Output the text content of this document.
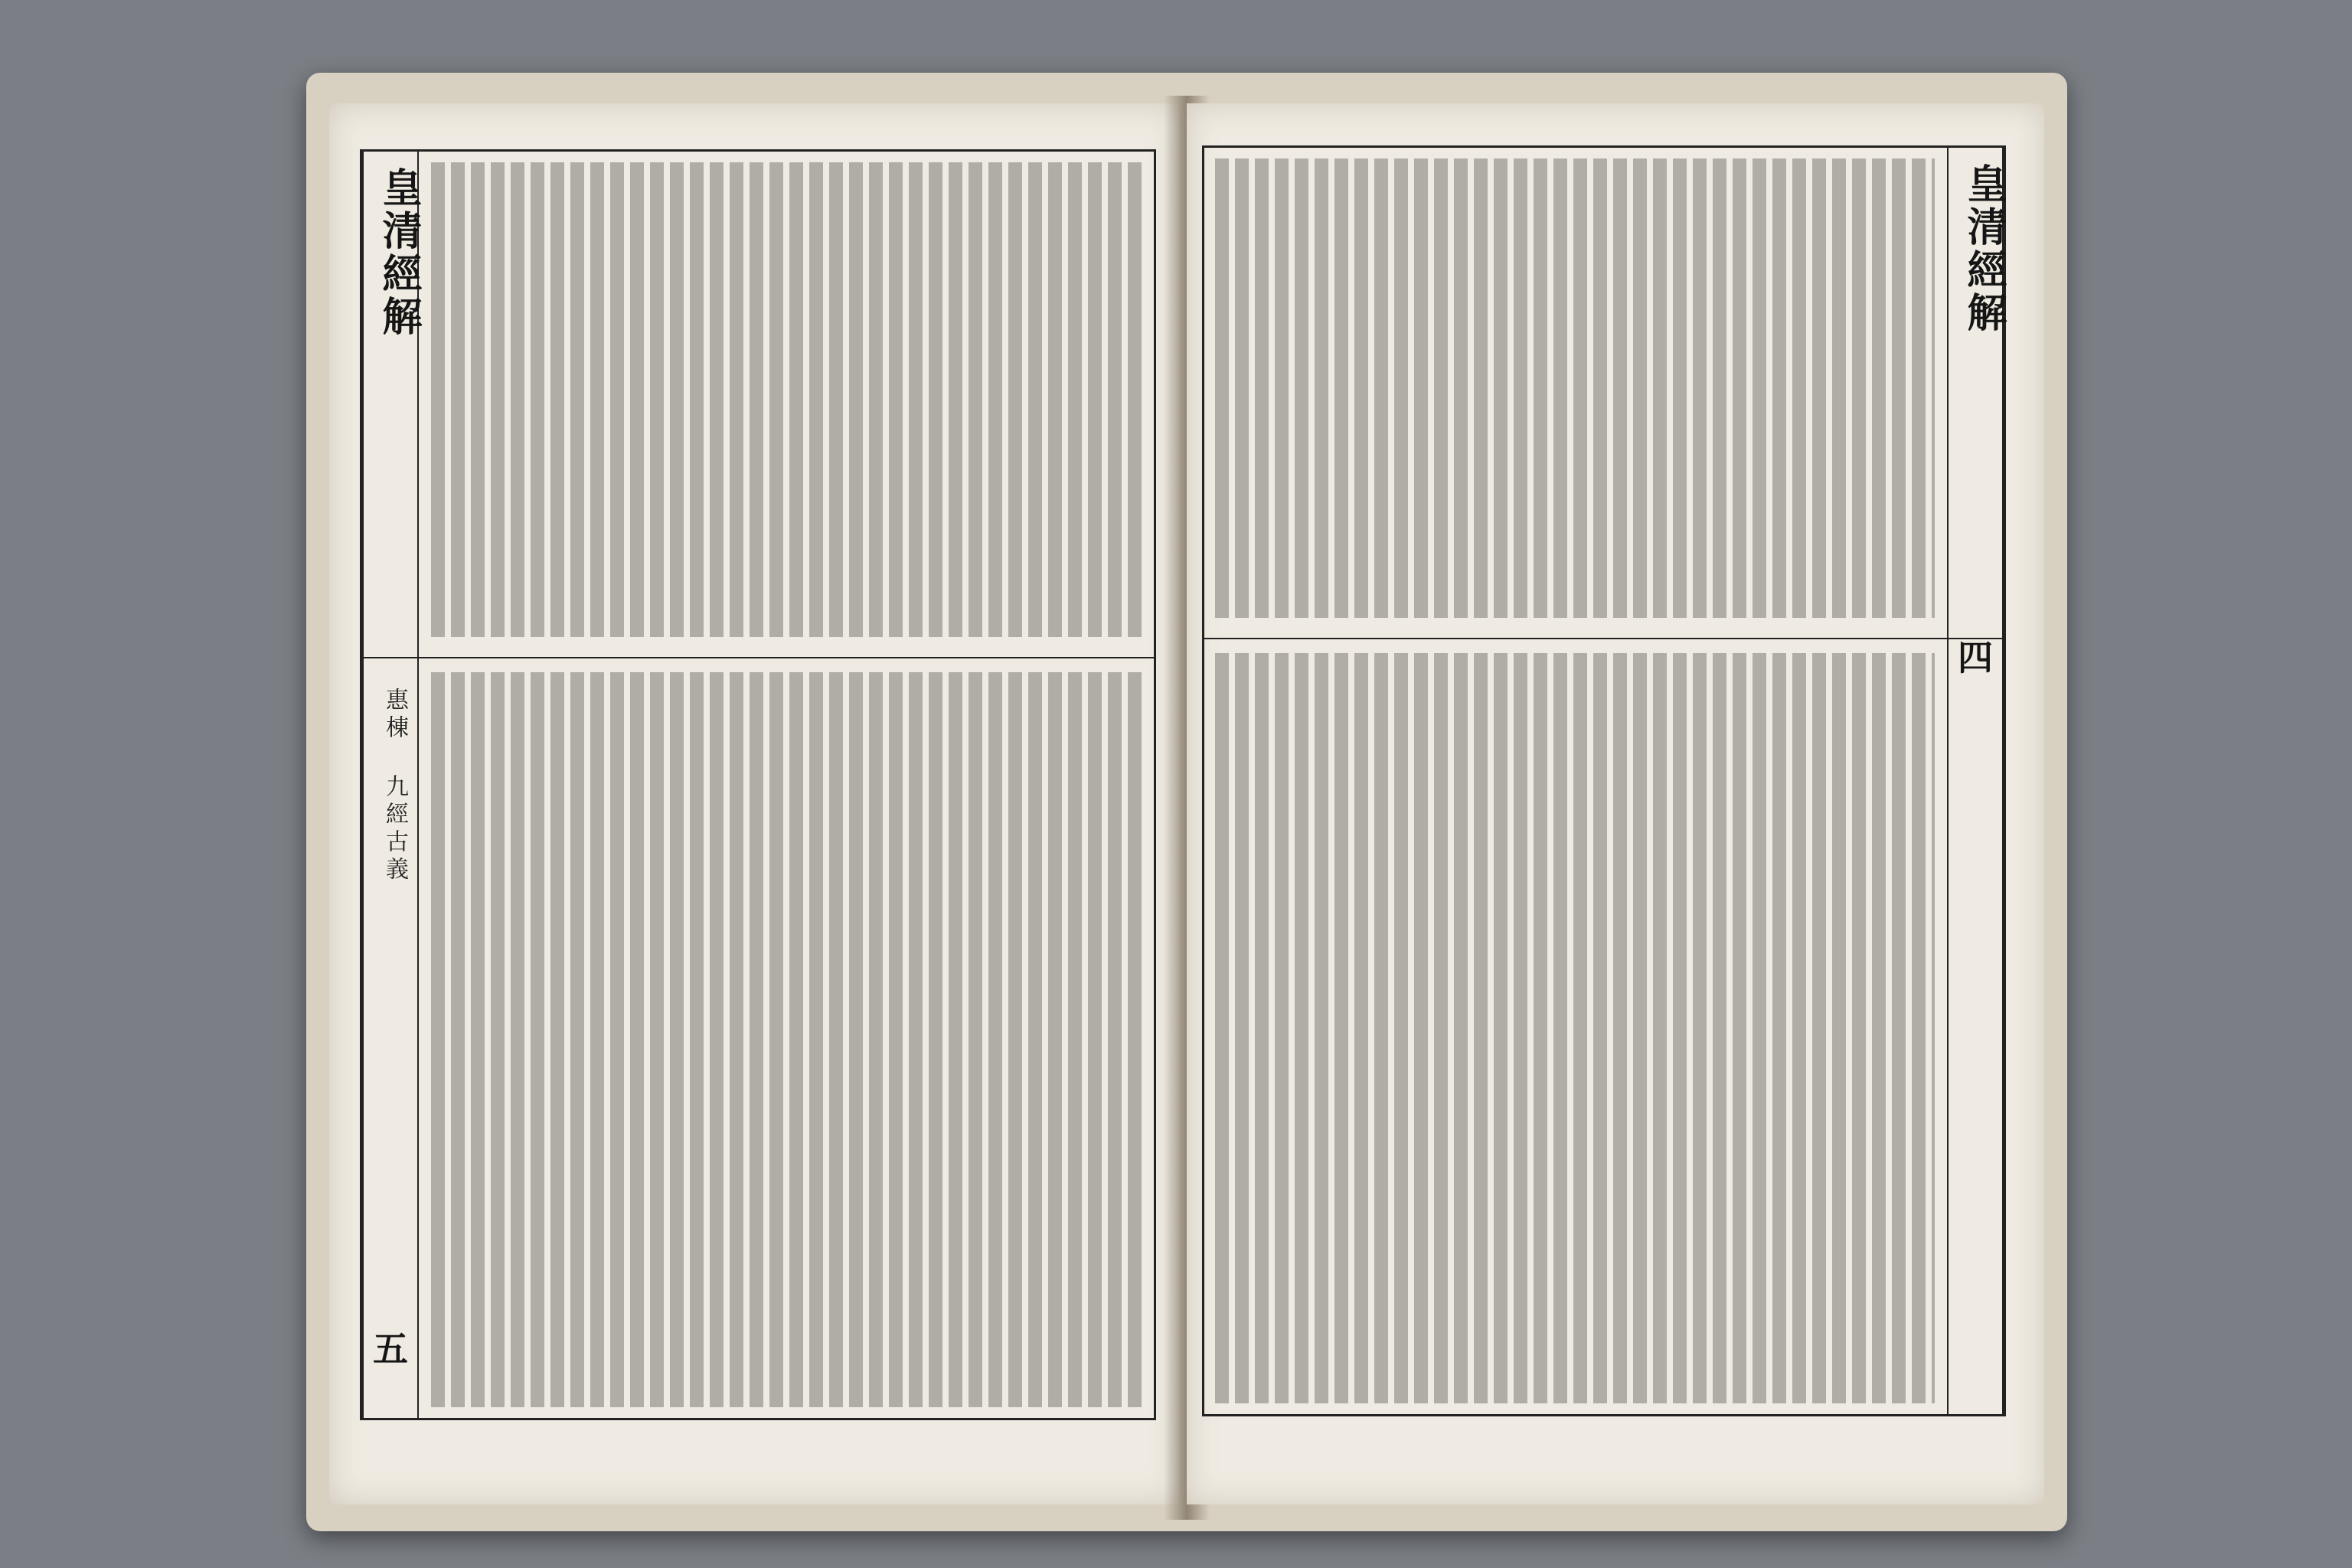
皇清經解
惠棟 九經古義
五
皇清經解
四
